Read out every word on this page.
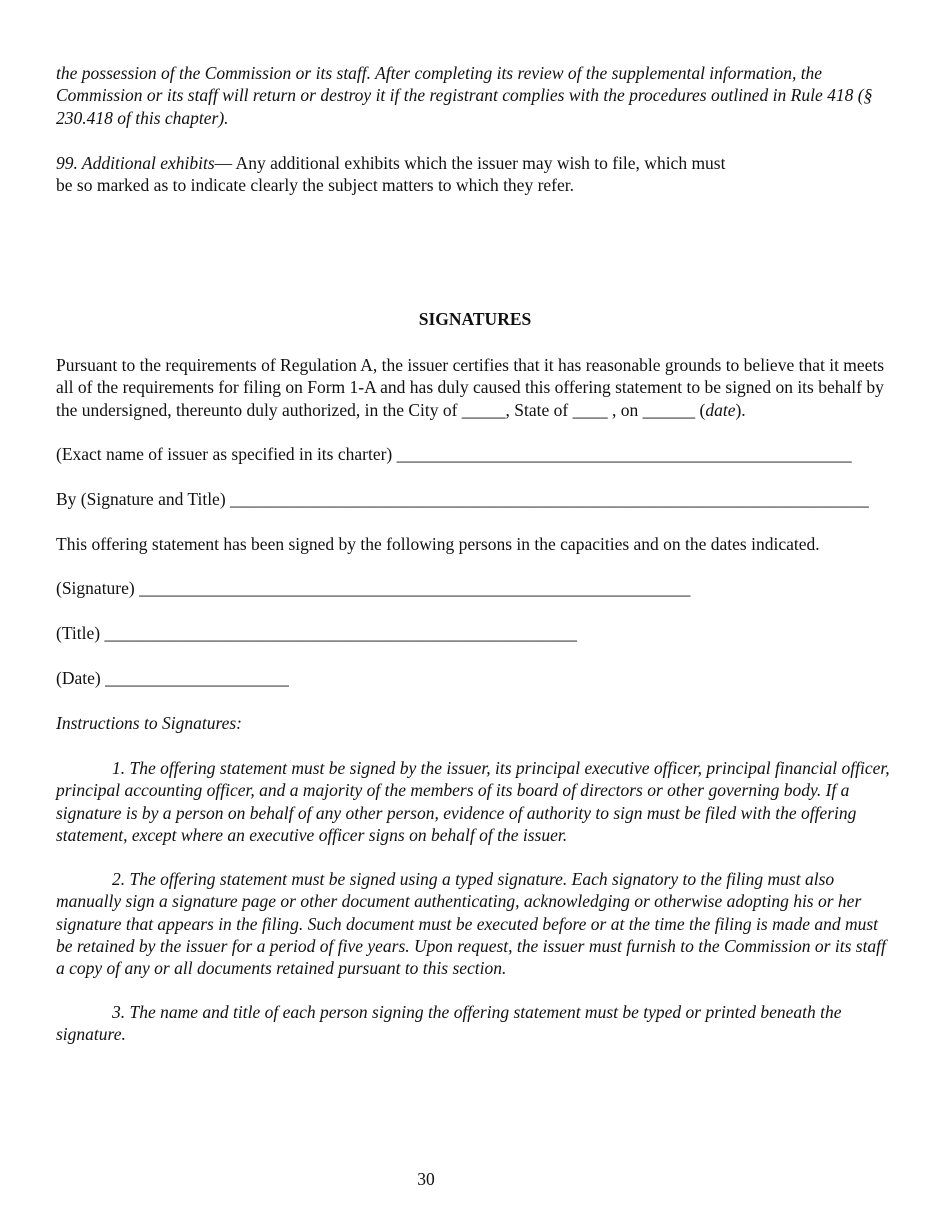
the possession of the Commission or its staff. After completing its review of the supplemental information, the Commission or its staff will return or destroy it if the registrant complies with the procedures outlined in Rule 418 (§ 230.418 of this chapter).

99. Additional exhibits— Any additional exhibits which the issuer may wish to file, which must be so marked as to indicate clearly the subject matters to which they refer.

SIGNATURES

Pursuant to the requirements of Regulation A, the issuer certifies that it has reasonable grounds to believe that it meets all of the requirements for filing on Form 1-A and has duly caused this offering statement to be signed on its behalf by the undersigned, thereunto duly authorized, in the City of _____, State of ____ , on ______ (date).

(Exact name of issuer as specified in its charter) ____________________________________________________
By (Signature and Title) _________________________________________________________________________
This offering statement has been signed by the following persons in the capacities and on the dates indicated.
(Signature) _______________________________________________________________
(Title) ______________________________________________________
(Date) _____________________
Instructions to Signatures:

1. The offering statement must be signed by the issuer, its principal executive officer, principal financial officer, principal accounting officer, and a majority of the members of its board of directors or other governing body. If a signature is by a person on behalf of any other person, evidence of authority to sign must be filed with the offering statement, except where an executive officer signs on behalf of the issuer.

2. The offering statement must be signed using a typed signature. Each signatory to the filing must also manually sign a signature page or other document authenticating, acknowledging or otherwise adopting his or her signature that appears in the filing. Such document must be executed before or at the time the filing is made and must be retained by the issuer for a period of five years. Upon request, the issuer must furnish to the Commission or its staff a copy of any or all documents retained pursuant to this section.

3. The name and title of each person signing the offering statement must be typed or printed beneath the signature.

30
